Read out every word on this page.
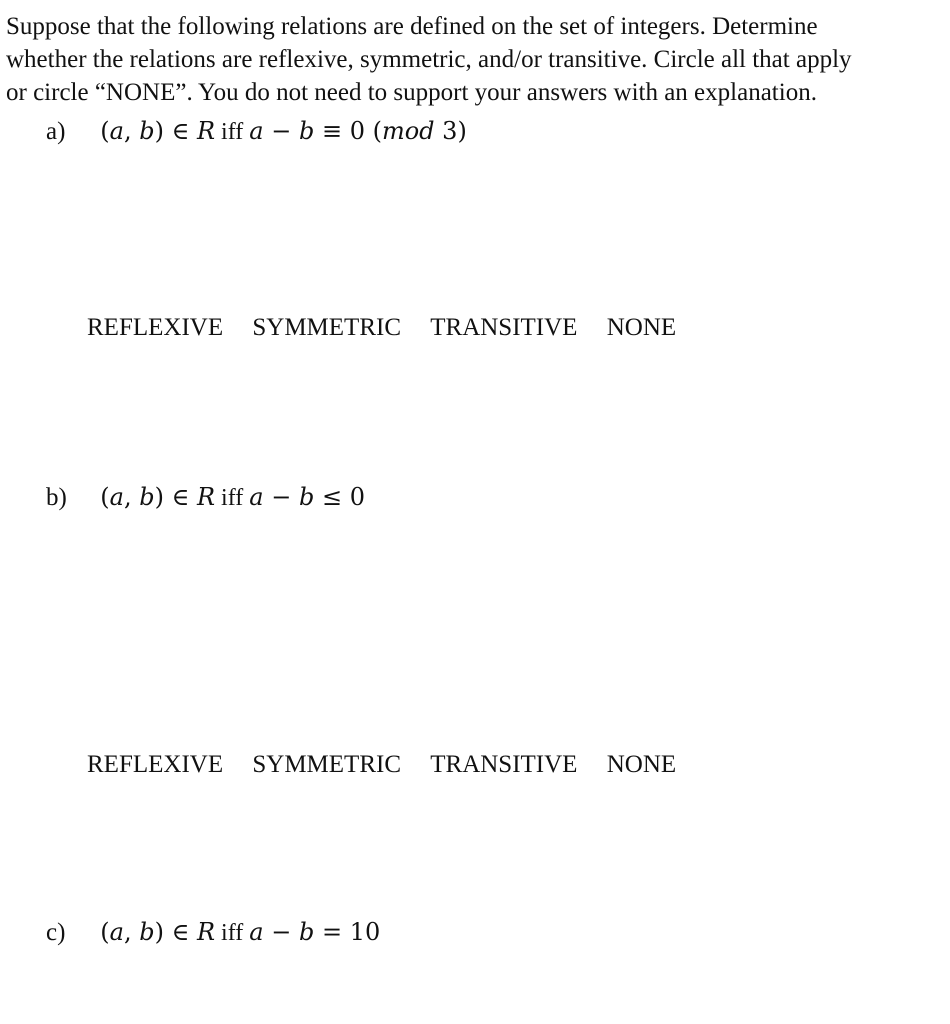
Suppose that the following relations are defined on the set of integers. Determine
whether the relations are reflexive, symmetric, and/or transitive. Circle all that apply
or circle “NONE”. You do not need to support your answers with an explanation.

a) (a, b) ∈ R iff a − b ≡ 0 (mod 3)
REFLEXIVE SYMMETRIC TRANSITIVE NONE
b) (a, b) ∈ R iff a − b ≤ 0
REFLEXIVE SYMMETRIC TRANSITIVE NONE
c) (a, b) ∈ R iff a − b = 10
